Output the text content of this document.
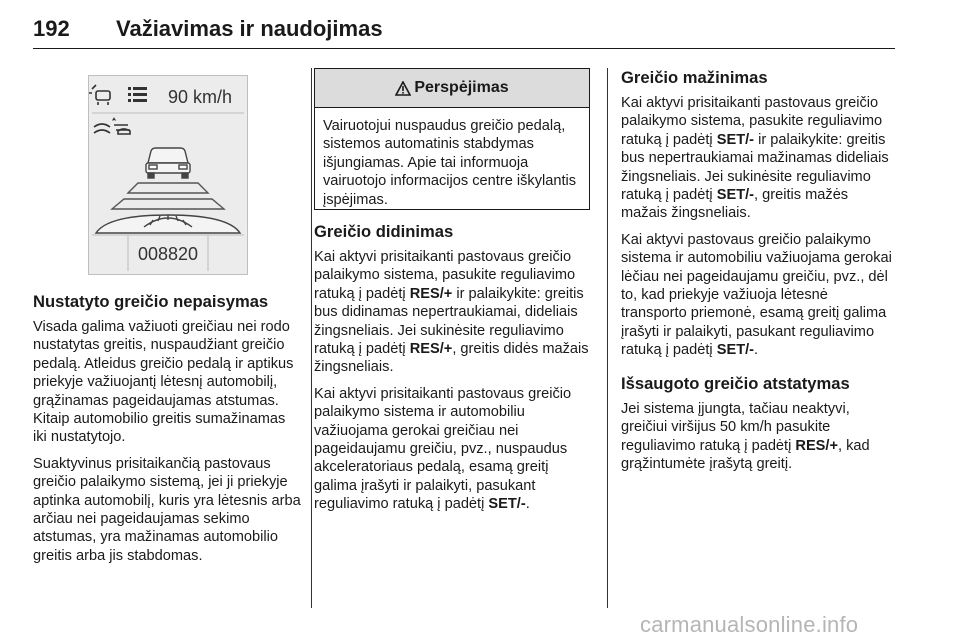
192 Važiavimas ir naudojimas
90 km/h
008820
Nustatyto greičio nepaisymas

Visada galima važiuoti greičiau nei rodo nustatytas greitis, nuspaudžiant greičio pedalą. Atleidus greičio pedalą ir aptikus priekyje važiuojantį lėtesnį automobilį, grąžinamas pageidaujamas atstumas. Kitaip automobilio greitis sumažinamas iki nustatytojo.

Suaktyvinus prisitaikančią pastovaus greičio palaikymo sistemą, jei ji priekyje aptinka automobilį, kuris yra lėtesnis arba arčiau nei pageidaujamas sekimo atstumas, yra mažinamas automobilio greitis arba jis stabdomas.

Perspėjimas
Vairuotojui nuspaudus greičio pedalą, sistemos automatinis stabdymas išjungiamas. Apie tai informuoja vairuotojo informacijos centre iškylantis įspėjimas.
Greičio didinimas

Kai aktyvi prisitaikanti pastovaus greičio palaikymo sistema, pasukite reguliavimo ratuką į padėtį RES/+ ir palaikykite: greitis bus didinamas nepertraukiamai, dideliais žingsneliais. Jei sukinėsite reguliavimo ratuką į padėtį RES/+, greitis didės mažais žingsneliais.

Kai aktyvi prisitaikanti pastovaus greičio palaikymo sistema ir automobiliu važiuojama gerokai greičiau nei pageidaujamu greičiu, pvz., nuspaudus akceleratoriaus pedalą, esamą greitį galima įrašyti ir palaikyti, pasukant reguliavimo ratuką į padėtį SET/-.

Greičio mažinimas

Kai aktyvi prisitaikanti pastovaus greičio palaikymo sistema, pasukite reguliavimo ratuką į padėtį SET/- ir palaikykite: greitis bus nepertraukiamai mažinamas dideliais žingsneliais. Jei sukinėsite reguliavimo ratuką į padėtį SET/-, greitis mažės mažais žingsneliais.

Kai aktyvi pastovaus greičio palaikymo sistema ir automobiliu važiuojama gerokai lėčiau nei pageidaujamu greičiu, pvz., dėl to, kad priekyje važiuoja lėtesnė transporto priemonė, esamą greitį galima įrašyti ir palaikyti, pasukant reguliavimo ratuką į padėtį SET/-.

Išsaugoto greičio atstatymas

Jei sistema įjungta, tačiau neaktyvi, greičiui viršijus 50 km/h pasukite reguliavimo ratuką į padėtį RES/+, kad grąžintumėte įrašytą greitį.

carmanualsonline.info
